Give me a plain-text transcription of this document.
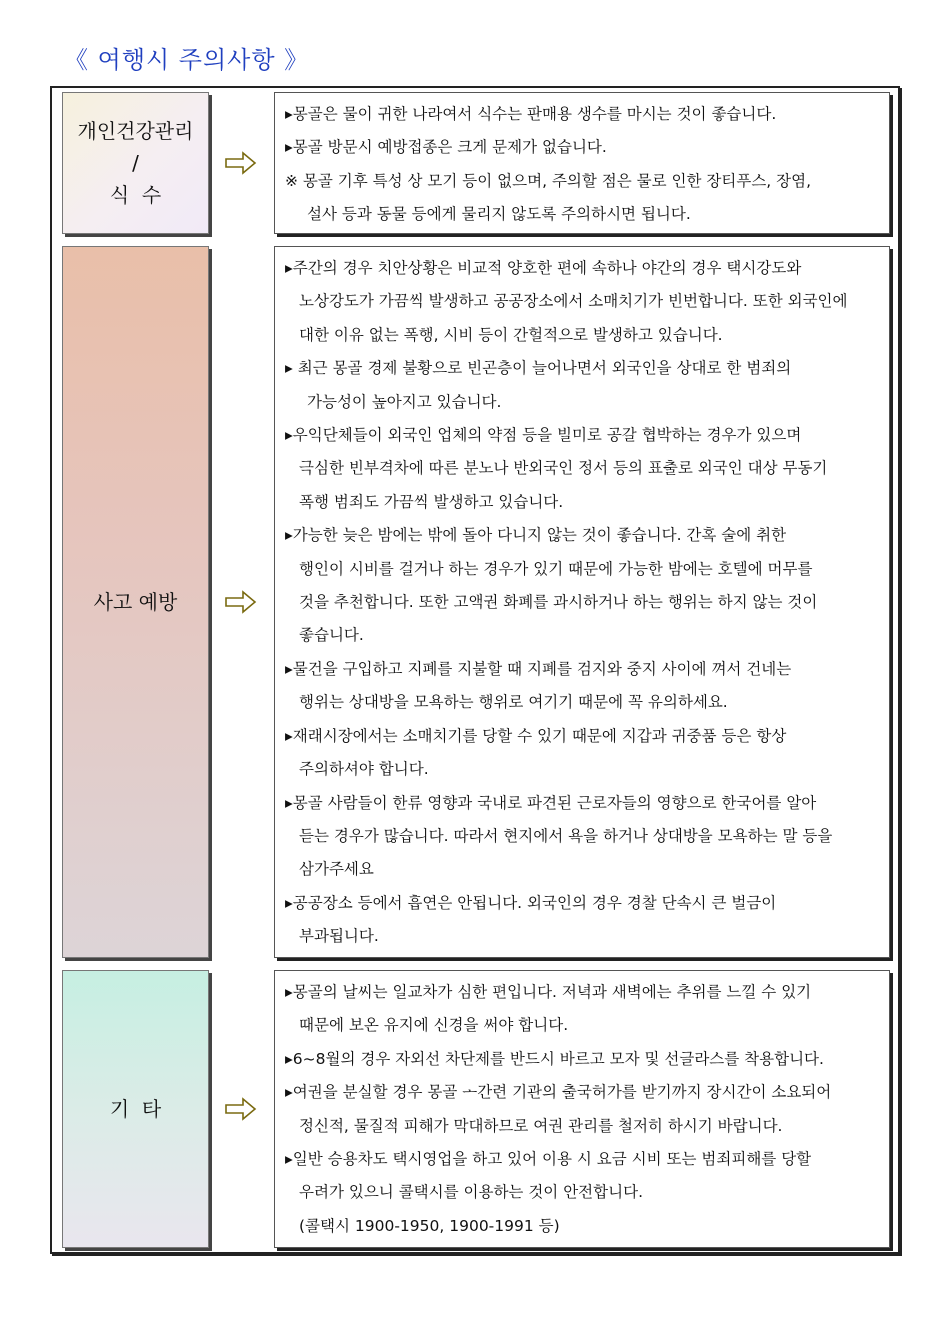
《 여행시 주의사항 》
개인건강관리
/
식  수
▸몽골은 물이 귀한 나라여서 식수는 판매용 생수를 마시는 것이 좋습니다.
▸몽골 방문시 예방접종은 크게 문제가 없습니다.
※ 몽골 기후 특성 상 모기 등이 없으며, 주의할 점은 물로 인한 장티푸스, 장염,
설사 등과 동물 등에게 물리지 않도록 주의하시면 됩니다.
사고 예방
▸주간의 경우 치안상황은 비교적 양호한 편에 속하나 야간의 경우 택시강도와
노상강도가 가끔씩 발생하고 공공장소에서 소매치기가 빈번합니다. 또한 외국인에
대한 이유 없는 폭행, 시비 등이 간헐적으로 발생하고 있습니다.
▸ 최근 몽골 경제 불황으로 빈곤층이 늘어나면서 외국인을 상대로 한 범죄의
가능성이 높아지고 있습니다.
▸우익단체들이 외국인 업체의 약점 등을 빌미로 공갈 협박하는 경우가 있으며
극심한 빈부격차에 따른 분노나 반외국인 정서 등의 표출로 외국인 대상 무동기
폭행 범죄도 가끔씩 발생하고 있습니다.
▸가능한 늦은 밤에는 밖에 돌아 다니지 않는 것이 좋습니다. 간혹 술에 취한
행인이 시비를 걸거나 하는 경우가 있기 때문에 가능한 밤에는 호텔에 머무를
것을 추천합니다. 또한 고액권 화폐를 과시하거나 하는 행위는 하지 않는 것이
좋습니다.
▸물건을 구입하고 지폐를 지불할 때 지폐를 검지와 중지 사이에 껴서 건네는
행위는 상대방을 모욕하는 행위로 여기기 때문에 꼭 유의하세요.
▸재래시장에서는 소매치기를 당할 수 있기 때문에 지갑과 귀중품 등은 항상
주의하셔야 합니다.
▸몽골 사람들이 한류 영향과 국내로 파견된 근로자들의 영향으로 한국어를 알아
듣는 경우가 많습니다. 따라서 현지에서 욕을 하거나 상대방을 모욕하는 말 등을
삼가주세요
▸공공장소 등에서 흡연은 안됩니다. 외국인의 경우 경찰 단속시 큰 벌금이
부과됩니다.
기  타
▸몽골의 날씨는 일교차가 심한 편입니다. 저녁과 새벽에는 추위를 느낄 수 있기
때문에 보온 유지에 신경을 써야 합니다.
▸6~8월의 경우 자외선 차단제를 반드시 바르고 모자 및 선글라스를 착용합니다.
▸여권을 분실할 경우 몽골 ᅩ간련 기관의 출국허가를 받기까지 장시간이 소요되어
정신적, 물질적 피해가 막대하므로 여권 관리를 철저히 하시기 바랍니다.
▸일반 승용차도 택시영업을 하고 있어 이용 시 요금 시비 또는 범죄피해를 당할
우려가 있으니 콜택시를 이용하는 것이 안전합니다.
(콜택시 1900-1950, 1900-1991 등)
